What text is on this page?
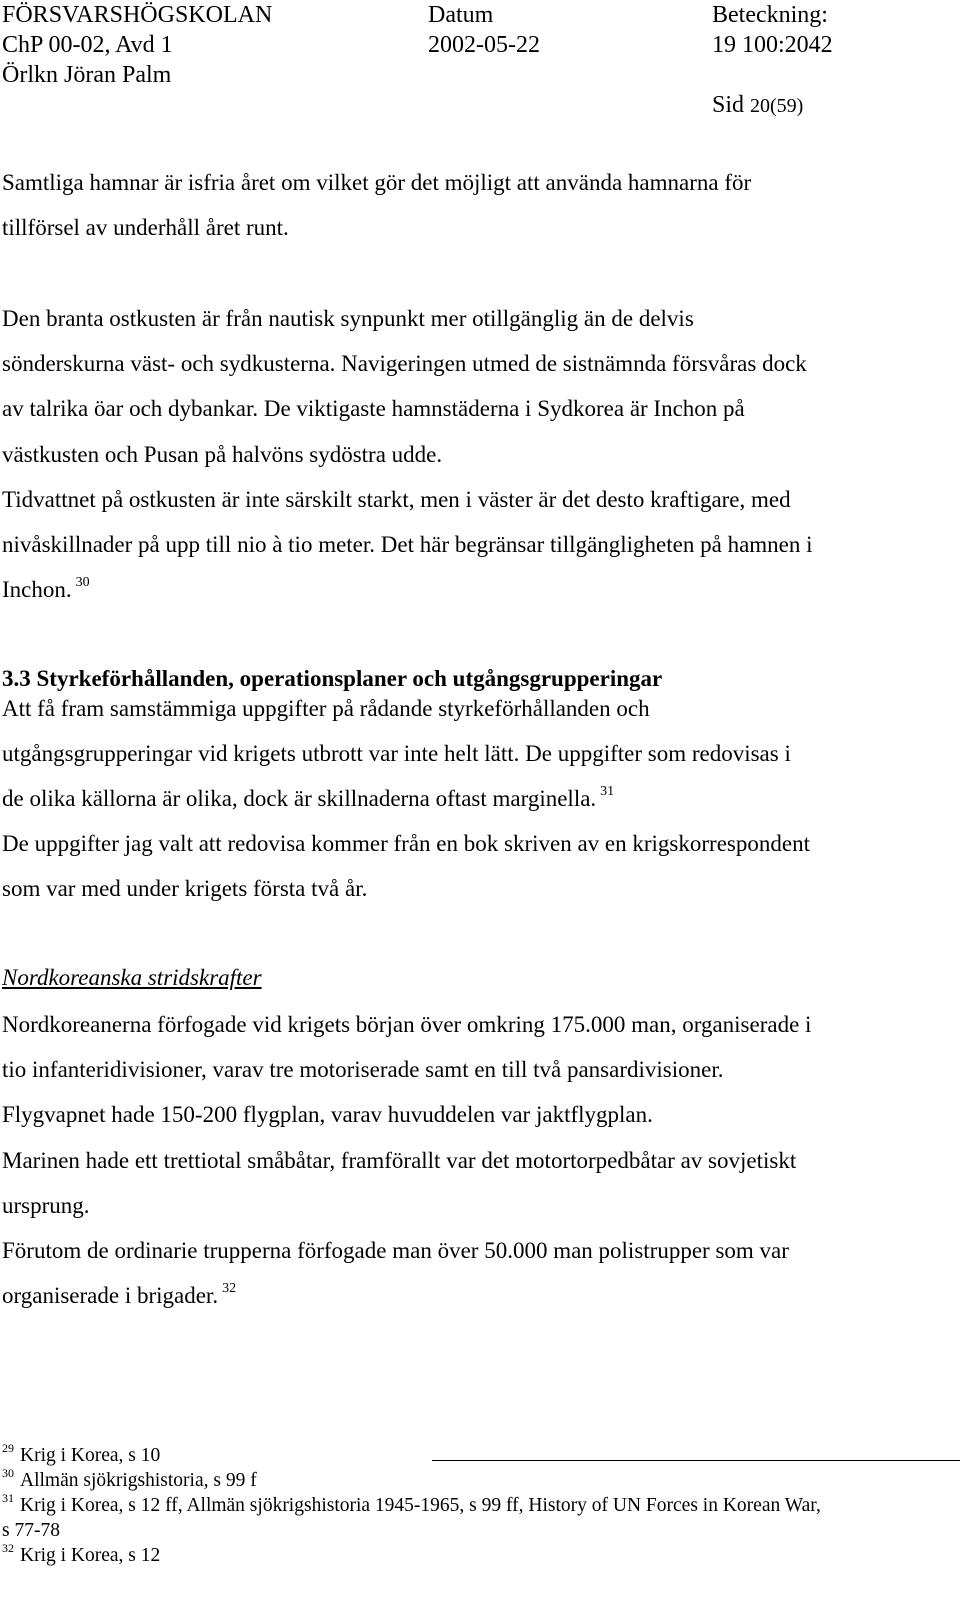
FÖRSVARSHÖGSKOLAN
ChP 00-02, Avd 1
Örlkn Jöran Palm
Datum
2002-05-22
Beteckning:
19 100:2042
Sid 20(59)
Samtliga hamnar är isfria året om vilket gör det möjligt att använda hamnarna för
tillförsel av underhåll året runt.
Den branta ostkusten är från nautisk synpunkt mer otillgänglig än de delvis
sönderskurna väst- och sydkusterna. Navigeringen utmed de sistnämnda försvåras dock
av talrika öar och dybankar. De viktigaste hamnstäderna i Sydkorea är Inchon på
västkusten och Pusan på halvöns sydöstra udde.
Tidvattnet på ostkusten är inte särskilt starkt, men i väster är det desto kraftigare, med
nivåskillnader på upp till nio à tio meter. Det här begränsar tillgängligheten på hamnen i
Inchon. $^{30}$
3.3 Styrkeförhållanden, operationsplaner och utgångsgrupperingar
Att få fram samstämmiga uppgifter på rådande styrkeförhållanden och
utgångsgrupperingar vid krigets utbrott var inte helt lätt. De uppgifter som redovisas i
de olika källorna är olika, dock är skillnaderna oftast marginella. $^{31}$
De uppgifter jag valt att redovisa kommer från en bok skriven av en krigskorrespondent
som var med under krigets första två år.
Nordkoreanska stridskrafter
Nordkoreanerna förfogade vid krigets början över omkring 175.000 man, organiserade i
tio infanteridivisioner, varav tre motoriserade samt en till två pansardivisioner.
Flygvapnet hade 150-200 flygplan, varav huvuddelen var jaktflygplan.
Marinen hade ett trettiotal småbåtar, framförallt var det motortorpedbåtar av sovjetiskt
ursprung.
Förutom de ordinarie trupperna förfogade man över 50.000 man polistrupper som var
organiserade i brigader. $^{32}$
$^{29}$ Krig i Korea, s 10
$^{30}$ Allmän sjökrigshistoria, s 99 f
$^{31}$ Krig i Korea, s 12 ff, Allmän sjökrigshistoria 1945-1965, s 99 ff, History of UN Forces in Korean War,
s 77-78
$^{32}$ Krig i Korea, s 12
